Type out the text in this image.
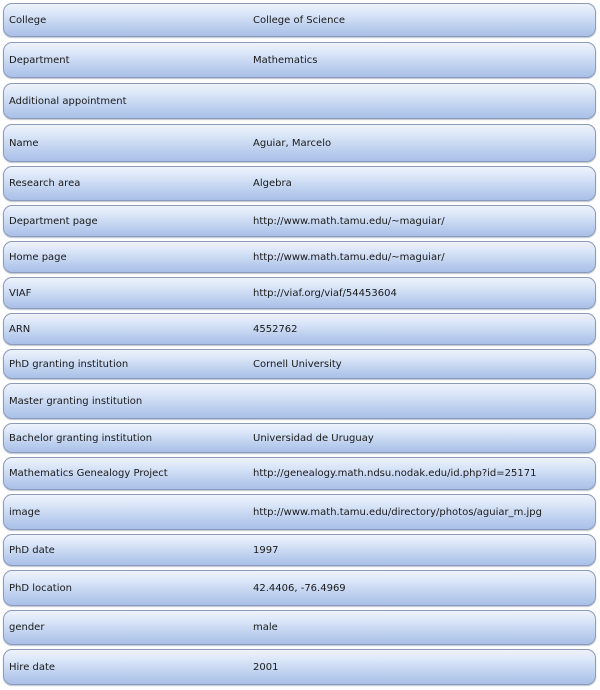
College	College of Science
Department	Mathematics
Additional appointment
Name	Aguiar, Marcelo
Research area	Algebra
Department page	http://www.math.tamu.edu/~maguiar/
Home page	http://www.math.tamu.edu/~maguiar/
VIAF	http://viaf.org/viaf/54453604
ARN	4552762
PhD granting institution	Cornell University
Master granting institution
Bachelor granting institution	Universidad de Uruguay
Mathematics Genealogy Project	http://genealogy.math.ndsu.nodak.edu/id.php?id=25171
image	http://www.math.tamu.edu/directory/photos/aguiar_m.jpg
PhD date	1997
PhD location	42.4406, -76.4969
gender	male
Hire date	2001
